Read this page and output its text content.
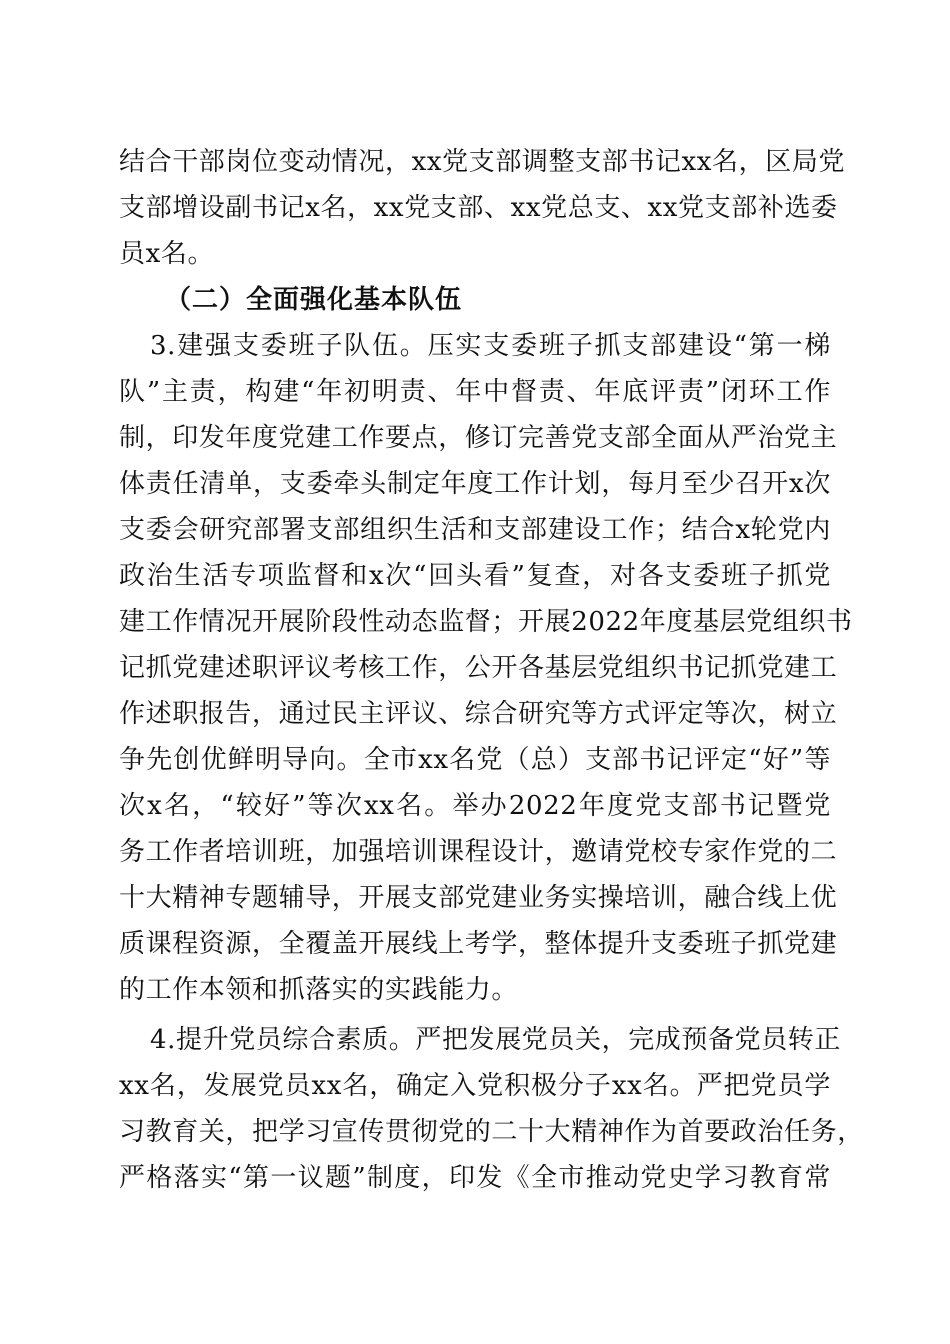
结合干部岗位变动情况，xx党支部调整支部书记xx名，区局党
支部增设副书记x名，xx党支部、xx党总支、xx党支部补选委
员x名。
（二）全面强化基本队伍
3.建强支委班子队伍。压实支委班子抓支部建设“第一梯
队”主责，构建“年初明责、年中督责、年底评责”闭环工作
制，印发年度党建工作要点，修订完善党支部全面从严治党主
体责任清单，支委牵头制定年度工作计划，每月至少召开x次
支委会研究部署支部组织生活和支部建设工作；结合x轮党内
政治生活专项监督和x次“回头看”复查，对各支委班子抓党
建工作情况开展阶段性动态监督；开展2022年度基层党组织书
记抓党建述职评议考核工作，公开各基层党组织书记抓党建工
作述职报告，通过民主评议、综合研究等方式评定等次，树立
争先创优鲜明导向。全市xx名党（总）支部书记评定“好”等
次x名，“较好”等次xx名。举办2022年度党支部书记暨党
务工作者培训班，加强培训课程设计，邀请党校专家作党的二
十大精神专题辅导，开展支部党建业务实操培训，融合线上优
质课程资源，全覆盖开展线上考学，整体提升支委班子抓党建
的工作本领和抓落实的实践能力。
4.提升党员综合素质。严把发展党员关，完成预备党员转正
xx名，发展党员xx名，确定入党积极分子xx名。严把党员学
习教育关，把学习宣传贯彻党的二十大精神作为首要政治任务，
严格落实“第一议题”制度，印发《全市推动党史学习教育常
